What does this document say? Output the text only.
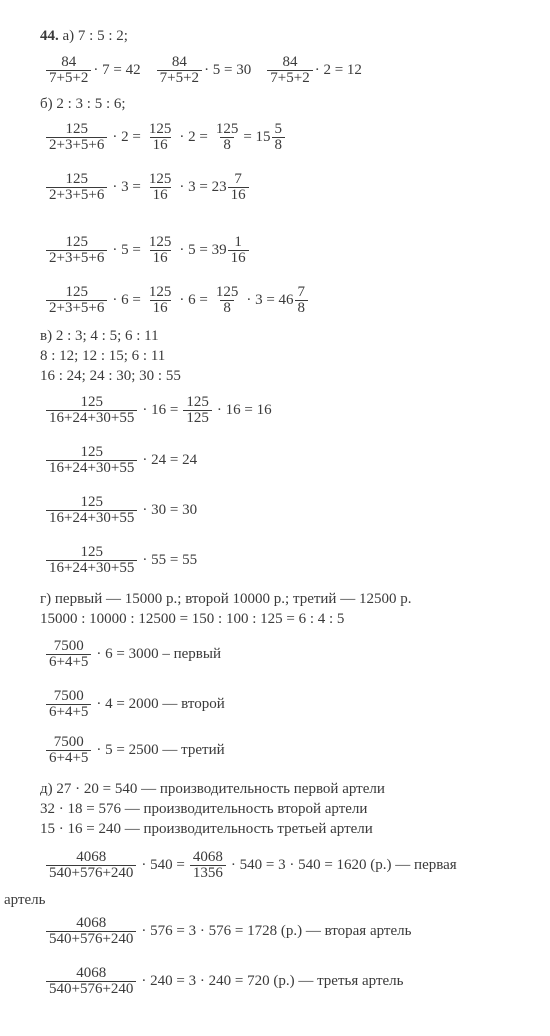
44. а) 7 : 5 : 2;
$\frac{84}{7+5+2} \cdot 7 = 42 \frac{84}{7+5+2} \cdot 5 = 30 \frac{84}{7+5+2} \cdot 2 = 12$
б) 2 : 3 : 5 : 6;
$\frac{125}{2+3+5+6} \cdot 2 = \frac{125}{16} \cdot 2 = \frac{125}{8} = 15 \frac{5}{8}$
$\frac{125}{2+3+5+6} \cdot 3 = \frac{125}{16} \cdot 3 = 23 \frac{7}{16}$
$\frac{125}{2+3+5+6} \cdot 5 = \frac{125}{16} \cdot 5 = 39 \frac{1}{16}$
$\frac{125}{2+3+5+6} \cdot 6 = \frac{125}{16} \cdot 6 = \frac{125}{8} \cdot 3 = 46 \frac{7}{8}$
в) 2 : 3; 4 : 5; 6 : 11
8 : 12; 12 : 15; 6 : 11
16 : 24; 24 : 30; 30 : 55
$\frac{125}{16+24+30+55} \cdot 16 = \frac{125}{125} \cdot 16 = 16$
$\frac{125}{16+24+30+55} \cdot 24 = 24$
$\frac{125}{16+24+30+55} \cdot 30 = 30$
$\frac{125}{16+24+30+55} \cdot 55 = 55$
г) первый — 15000 р.; второй 10000 р.; третий — 12500 р.
15000 : 10000 : 12500 = 150 : 100 : 125 = 6 : 4 : 5
$\frac{7500}{6+4+5} \cdot 6 = 3000$ – первый
$\frac{7500}{6+4+5} \cdot 4 = 2000$ — второй
$\frac{7500}{6+4+5} \cdot 5 = 2500$ — третий
д) 27 · 20 = 540 — производительность первой артели
32 · 18 = 576 — производительность второй артели
15 · 16 = 240 — производительность третьей артели
$\frac{4068}{540+576+240} \cdot 540 = \frac{4068}{1356} \cdot 540 = 3 \cdot 540 = 1620$ (р.) — первая
артель
$\frac{4068}{540+576+240} \cdot 576 = 3 \cdot 576 = 1728$ (р.) — вторая артель
$\frac{4068}{540+576+240} \cdot 240 = 3 \cdot 240 = 720$ (р.) — третья артель
